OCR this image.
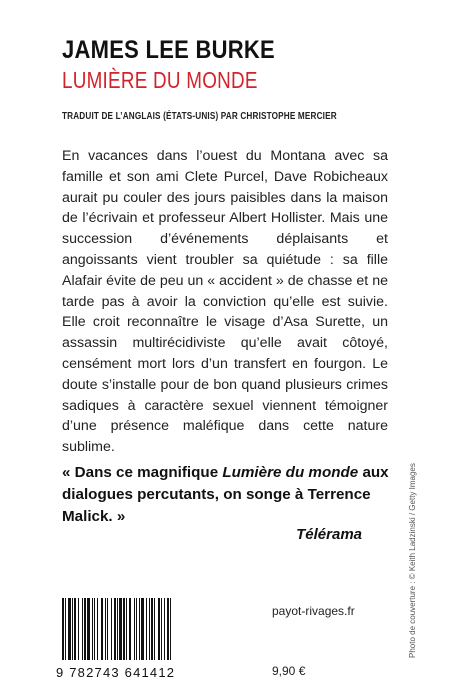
JAMES LEE BURKE
LUMIÈRE DU MONDE
TRADUIT DE L’ANGLAIS (ÉTATS-UNIS) PAR CHRISTOPHE MERCIER

En vacances dans l’ouest du Montana avec sa famille et son ami Clete Purcel, Dave Robicheaux aurait pu couler des jours paisibles dans la maison de l’écrivain et professeur Albert Hollister. Mais une succession d’événements déplaisants et angoissants vient troubler sa quiétude : sa fille Alafair évite de peu un « accident » de chasse et ne tarde pas à avoir la conviction qu’elle est suivie. Elle croit reconnaître le visage d’Asa Surette, un assassin multirécidiviste qu’elle avait côtoyé, censément mort lors d’un transfert en fourgon. Le doute s’installe pour de bon quand plusieurs crimes sadiques à caractère sexuel viennent témoigner d’une présence maléfique dans cette nature sublime.

« Dans ce magnifique Lumière du monde aux dialogues percutants, on songe à Terrence Malick. »
Télérama	Photo de couverture : © Keith Ladzinski / Getty Images
9 782743 641412
payot-rivages.fr
9,90 €
